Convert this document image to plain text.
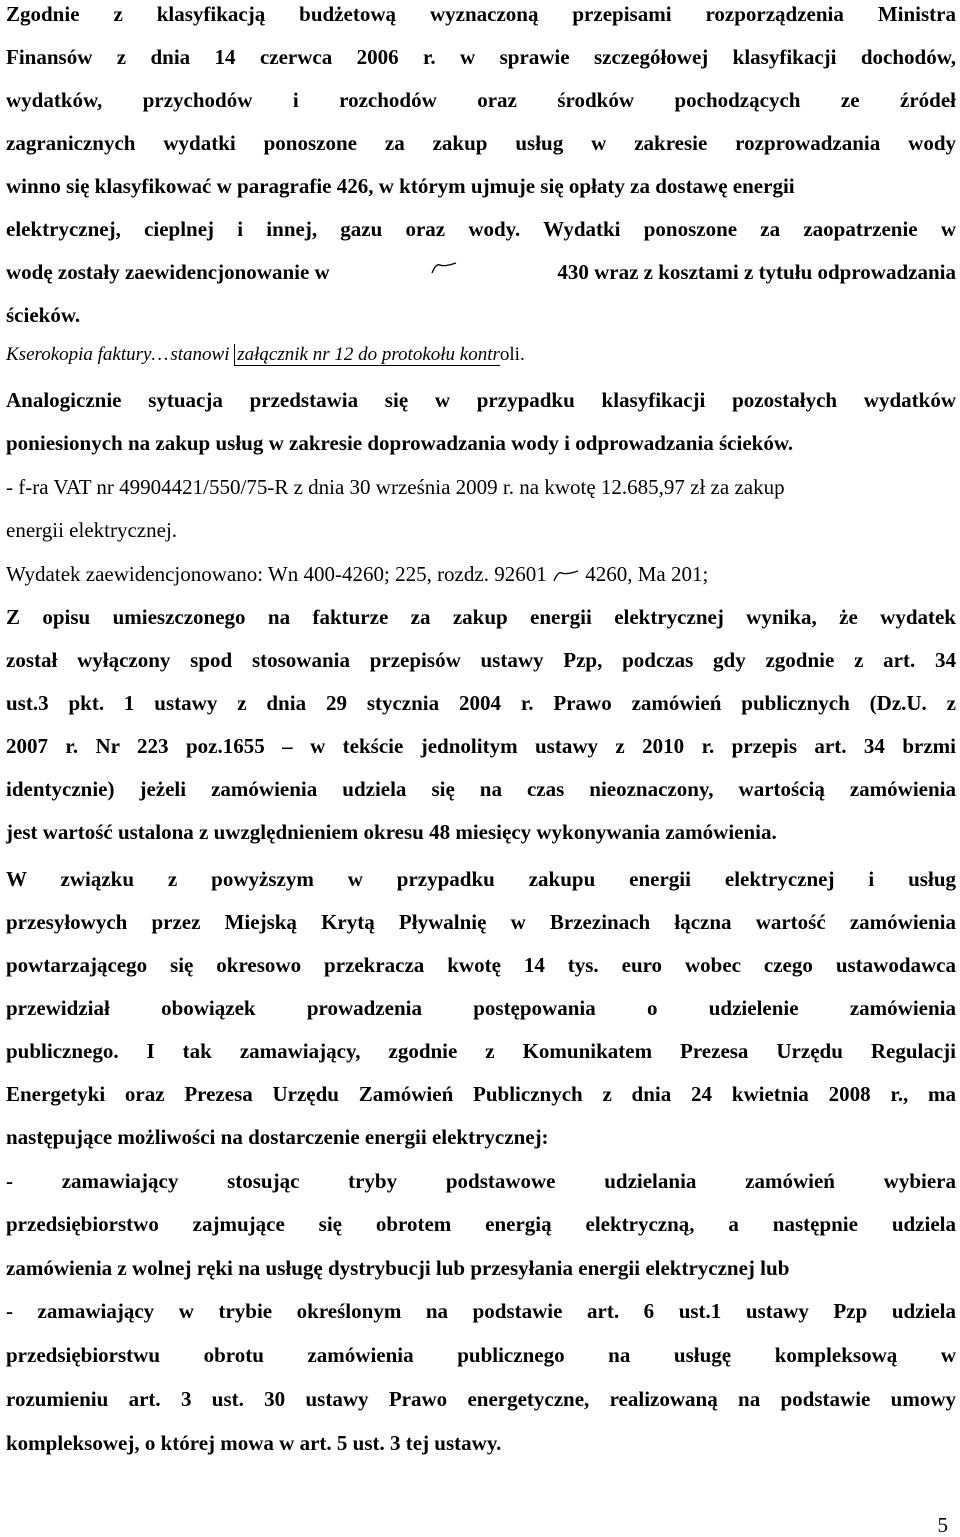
Zgodnie z klasyfikacją budżetową wyznaczoną przepisami rozporządzenia Ministra
Finansów z dnia 14 czerwca 2006 r. w sprawie szczegółowej klasyfikacji dochodów,
wydatków, przychodów i rozchodów oraz środków pochodzących ze źródeł
zagranicznych wydatki ponoszone za zakup usług w zakresie rozprowadzania wody
winno się klasyfikować w paragrafie 426, w którym ujmuje się opłaty za dostawę energii
elektrycznej, cieplnej i innej, gazu oraz wody. Wydatki ponoszone za zaopatrzenie w
wodę zostały zaewidencjonowanie w	430 wraz z kosztami z tytułu odprowadzania
ścieków.
Kserokopia faktury…stanowi załącznik nr 12 do protokołu kontroli.
Analogicznie sytuacja przedstawia się w przypadku klasyfikacji pozostałych wydatków
poniesionych na zakup usług w zakresie doprowadzania wody i odprowadzania ścieków.
- f-ra VAT nr 49904421/550/75-R z dnia 30 września 2009 r. na kwotę 12.685,97 zł za zakup
energii elektrycznej.
Wydatek zaewidencjonowano: Wn 400-4260; 225, rozdz. 92601 4260, Ma 201;
Z opisu umieszczonego na fakturze za zakup energii elektrycznej wynika, że wydatek
został wyłączony spod stosowania przepisów ustawy Pzp, podczas gdy zgodnie z art. 34
ust.3 pkt. 1 ustawy z dnia 29 stycznia 2004 r. Prawo zamówień publicznych (Dz.U. z
2007 r. Nr 223 poz.1655 – w tekście jednolitym ustawy z 2010 r. przepis art. 34 brzmi
identycznie) jeżeli zamówienia udziela się na czas nieoznaczony, wartością zamówienia
jest wartość ustalona z uwzględnieniem okresu 48 miesięcy wykonywania zamówienia.
W związku z powyższym w przypadku zakupu energii elektrycznej i usług
przesyłowych przez Miejską Krytą Pływalnię w Brzezinach łączna wartość zamówienia
powtarzającego się okresowo przekracza kwotę 14 tys. euro wobec czego ustawodawca
przewidział obowiązek prowadzenia postępowania o udzielenie zamówienia
publicznego. I tak zamawiający, zgodnie z Komunikatem Prezesa Urzędu Regulacji
Energetyki oraz Prezesa Urzędu Zamówień Publicznych z dnia 24 kwietnia 2008 r., ma
następujące możliwości na dostarczenie energii elektrycznej:
- zamawiający stosując tryby podstawowe udzielania zamówień wybiera
przedsiębiorstwo zajmujące się obrotem energią elektryczną, a następnie udziela
zamówienia z wolnej ręki na usługę dystrybucji lub przesyłania energii elektrycznej lub
- zamawiający w trybie określonym na podstawie art. 6 ust.1 ustawy Pzp udziela
przedsiębiorstwu obrotu zamówienia publicznego na usługę kompleksową w
rozumieniu art. 3 ust. 30 ustawy Prawo energetyczne, realizowaną na podstawie umowy
kompleksowej, o której mowa w art. 5 ust. 3 tej ustawy.
5
